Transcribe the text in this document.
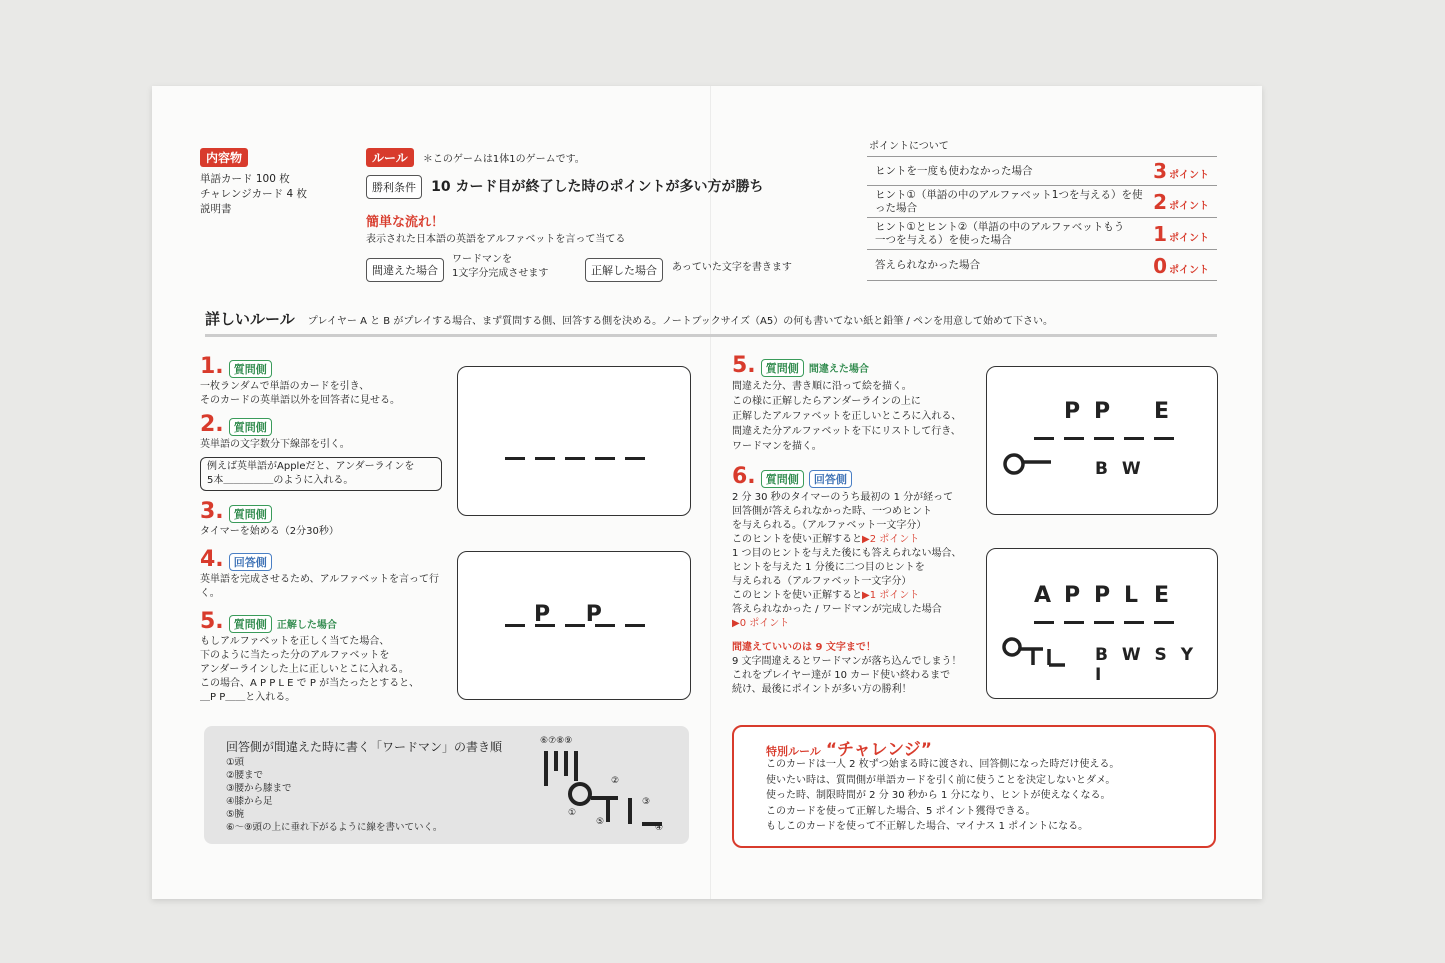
内容物
単語カード 100 枚
チャレンジカード 4 枚
説明書
ルール ＊このゲームは1体1のゲームです。
勝利条件 10 カード目が終了した時のポイントが多い方が勝ち
簡単な流れ！
表示された日本語の英語をアルファベットを言って当てる
間違えた場合
ワードマンを
1文字分完成させます	正解した場合	あっていた文字を書きます
ポイントについて
ヒントを一度も使わなかった場合	3 ポイント
ヒント①（単語の中のアルファベット1つを与える）を使った場合	2 ポイント
ヒント①とヒント②（単語の中のアルファベットもう一つを与える）を使った場合	1 ポイント
答えられなかった場合	0 ポイント
詳しいルール プレイヤー A と B がプレイする場合、まず質問する側、回答する側を決める。ノートブックサイズ（A5）の何も書いてない紙と鉛筆 / ペンを用意して始めて下さい。
1. 質問側
一枚ランダムで単語のカードを引き、
そのカードの英単語以外を回答者に見せる。
2. 質問側
英単語の文字数分下線部を引く。
例えば英単語がAppleだと、アンダーラインを
5本＿＿＿＿＿のように入れる。
3. 質問側
タイマーを始める（2分30秒）
4. 回答側
英単語を完成させるため、アルファベットを言って行く。
5. 質問側 正解した場合
もしアルファベットを正しく当てた場合、
下のように当たった分のアルファベットを
アンダーラインした上に正しいとこに入れる。
この場合、A P P L E で P が当たったとすると、
＿P P＿＿と入れる。
P P
回答側が間違えた時に書く「ワードマン」の書き順
①頭
②腰まで
③腰から膝まで
④膝から足
⑤腕
⑥〜⑨頭の上に垂れ下がるように線を書いていく。
⑥⑦⑧⑨
②
①
③
⑤
④
5. 質問側 間違えた場合
間違えた分、書き順に沿って絵を描く。
この様に正解したらアンダーラインの上に
正解したアルファベットを正しいところに入れる、
間違えた分アルファベットを下にリストして行き、
ワードマンを描く。
6. 質問側 回答側
2 分 30 秒のタイマーのうち最初の 1 分が経って
回答側が答えられなかった時、一つめヒント
を与えられる。（アルファベット一文字分）
このヒントを使い正解すると▶2 ポイント
1 つ目のヒントを与えた後にも答えられない場合、
ヒントを与えた 1 分後に二つ目のヒントを
与えられる（アルファベット一文字分）
このヒントを使い正解すると▶1 ポイント
答えられなかった / ワードマンが完成した場合
▶0 ポイント
間違えていいのは 9 文字まで！
9 文字間違えるとワードマンが落ち込んでしまう！
これをプレイヤー達が 10 カード使い終わるまで
続け、最後にポイントが多い方の勝利！
P P E
B W
A P P L E
B W S Y I
特別ルール “チャレンジ”
このカードは一人 2 枚ずつ始まる時に渡され、回答側になった時だけ使える。
使いたい時は、質問側が単語カードを引く前に使うことを決定しないとダメ。
使った時、制限時間が 2 分 30 秒から 1 分になり、ヒントが使えなくなる。
このカードを使って正解した場合、5 ポイント獲得できる。
もしこのカードを使って不正解した場合、マイナス 1 ポイントになる。
